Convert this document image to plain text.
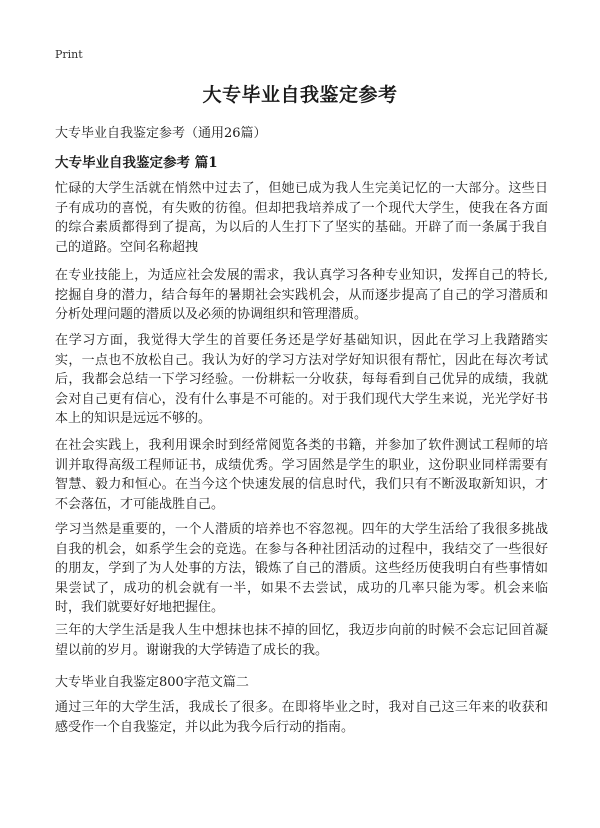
Print
大专毕业自我鉴定参考
大专毕业自我鉴定参考（通用26篇）
大专毕业自我鉴定参考 篇1

忙碌的大学生活就在悄然中过去了，但她已成为我人生完美记忆的一大部分。这些日子有成功的喜悦，有失败的彷徨。但却把我培养成了一个现代大学生，使我在各方面的综合素质都得到了提高，为以后的人生打下了坚实的基础。开辟了而一条属于我自己的道路。空间名称超拽

在专业技能上，为适应社会发展的需求，我认真学习各种专业知识，发挥自己的特长,挖掘自身的潜力，结合每年的暑期社会实践机会，从而逐步提高了自己的学习潜质和分析处理问题的潜质以及必须的协调组织和管理潜质。

在学习方面，我觉得大学生的首要任务还是学好基础知识，因此在学习上我踏踏实实，一点也不放松自己。我认为好的学习方法对学好知识很有帮忙，因此在每次考试后，我都会总结一下学习经验。一份耕耘一分收获，每每看到自己优异的成绩，我就会对自己更有信心，没有什么事是不可能的。对于我们现代大学生来说，光光学好书本上的知识是远远不够的。

在社会实践上，我利用课余时到经常阅览各类的书籍，并参加了软件测试工程师的培训并取得高级工程师证书，成绩优秀。学习固然是学生的职业，这份职业同样需要有智慧、毅力和恒心。在当今这个快速发展的信息时代，我们只有不断汲取新知识，才不会落伍，才可能战胜自己。

学习当然是重要的，一个人潜质的培养也不容忽视。四年的大学生活给了我很多挑战自我的机会，如系学生会的竞选。在参与各种社团活动的过程中，我结交了一些很好的朋友，学到了为人处事的方法，锻炼了自己的潜质。这些经历使我明白有些事情如果尝试了，成功的机会就有一半，如果不去尝试，成功的几率只能为零。机会来临时，我们就要好好地把握住。

三年的大学生活是我人生中想抹也抹不掉的回忆，我迈步向前的时候不会忘记回首凝望以前的岁月。谢谢我的大学铸造了成长的我。

大专毕业自我鉴定800字范文篇二

通过三年的大学生活，我成长了很多。在即将毕业之时，我对自己这三年来的收获和感受作一个自我鉴定，并以此为我今后行动的指南。
